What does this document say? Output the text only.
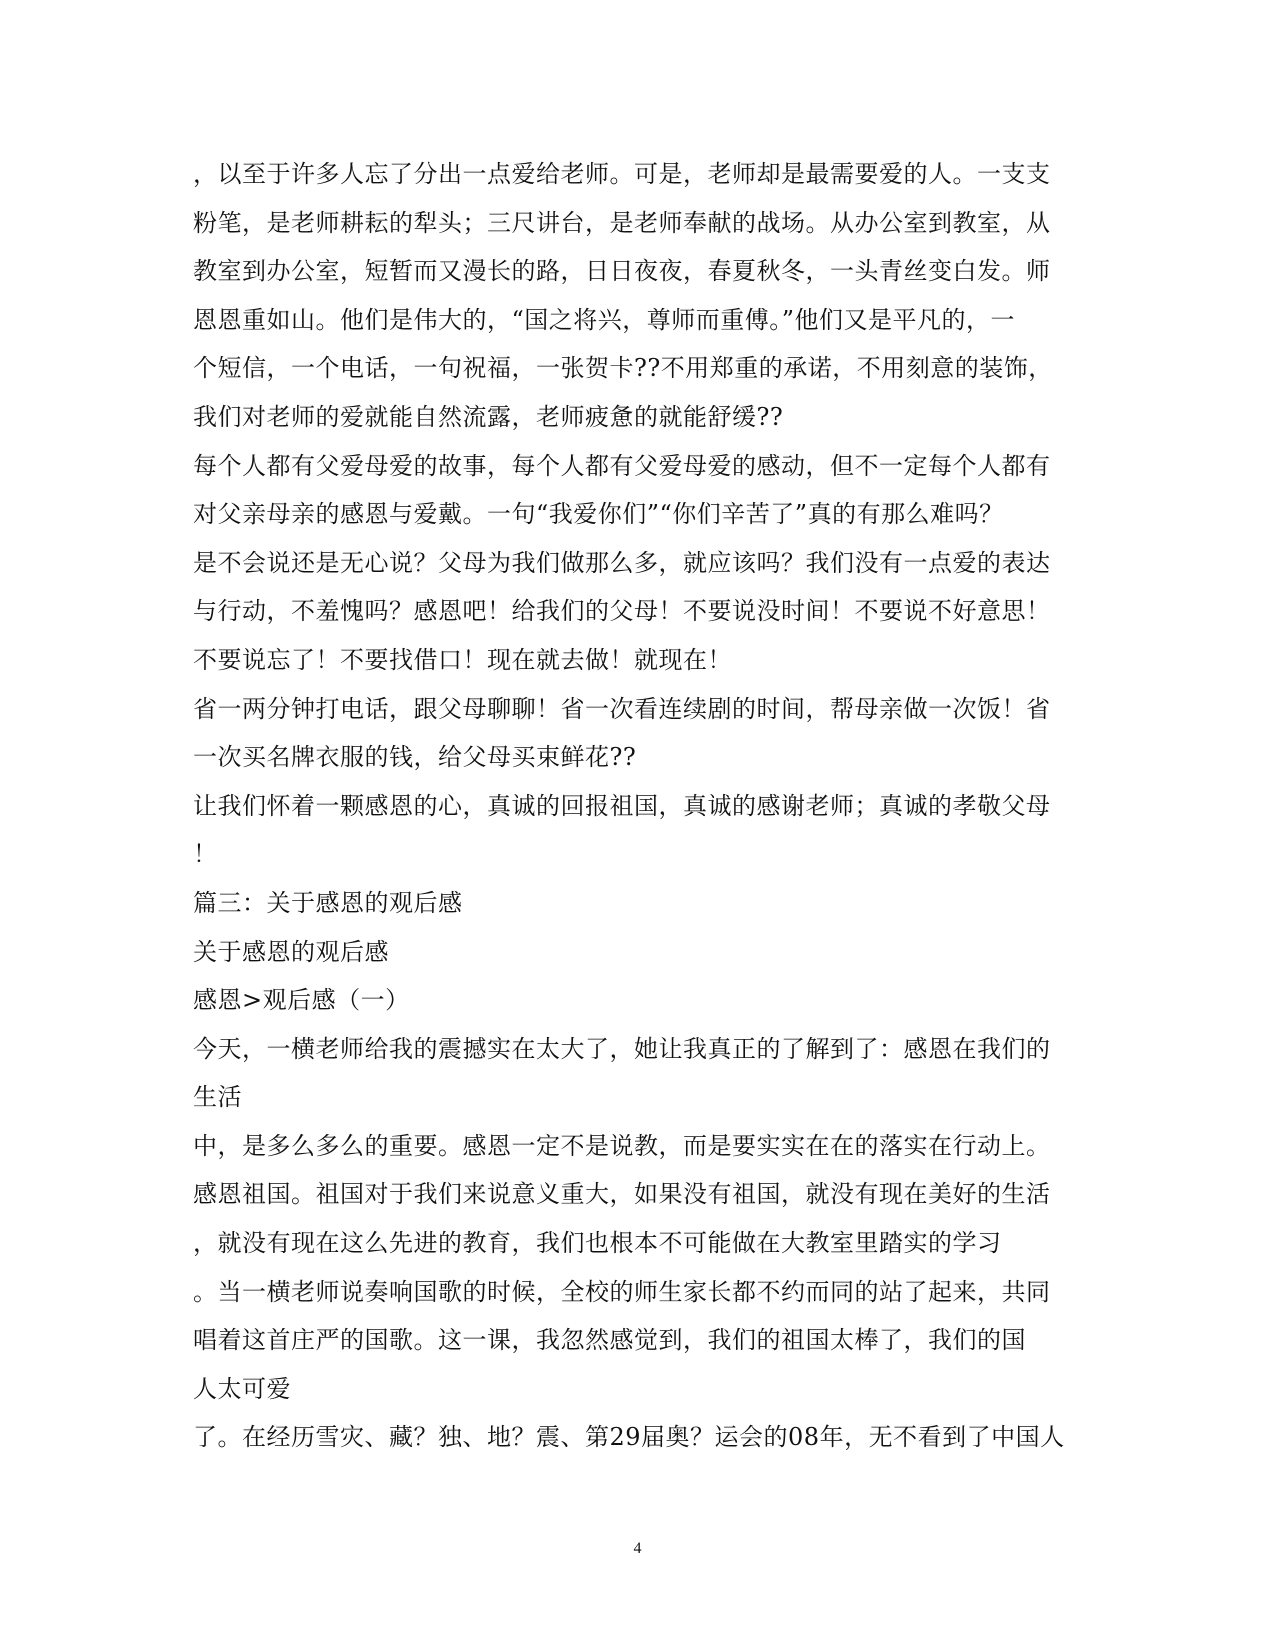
，以至于许多人忘了分出一点爱给老师。可是，老师却是最需要爱的人。一支支
粉笔，是老师耕耘的犁头；三尺讲台，是老师奉献的战场。从办公室到教室，从
教室到办公室，短暂而又漫长的路，日日夜夜，春夏秋冬，一头青丝变白发。师
恩恩重如山。他们是伟大的，“国之将兴，尊师而重傅。”他们又是平凡的，一
个短信，一个电话，一句祝福，一张贺卡??不用郑重的承诺，不用刻意的装饰，
我们对老师的爱就能自然流露，老师疲惫的就能舒缓??
每个人都有父爱母爱的故事，每个人都有父爱母爱的感动，但不一定每个人都有
对父亲母亲的感恩与爱戴。一句“我爱你们”“你们辛苦了”真的有那么难吗？
是不会说还是无心说？父母为我们做那么多，就应该吗？我们没有一点爱的表达
与行动，不羞愧吗？感恩吧！给我们的父母！不要说没时间！不要说不好意思！
不要说忘了！不要找借口！现在就去做！就现在！
省一两分钟打电话，跟父母聊聊！省一次看连续剧的时间，帮母亲做一次饭！省
一次买名牌衣服的钱，给父母买束鲜花??
让我们怀着一颗感恩的心，真诚的回报祖国，真诚的感谢老师；真诚的孝敬父母
！
篇三：关于感恩的观后感
关于感恩的观后感
感恩>观后感（一）
今天，一横老师给我的震撼实在太大了，她让我真正的了解到了：感恩在我们的
生活
中，是多么多么的重要。感恩一定不是说教，而是要实实在在的落实在行动上。
感恩祖国。祖国对于我们来说意义重大，如果没有祖国，就没有现在美好的生活
，就没有现在这么先进的教育，我们也根本不可能做在大教室里踏实的学习
。当一横老师说奏响国歌的时候，全校的师生家长都不约而同的站了起来，共同
唱着这首庄严的国歌。这一课，我忽然感觉到，我们的祖国太棒了，我们的国
人太可爱
了。在经历雪灾、藏？独、地？震、第29届奥？运会的08年，无不看到了中国人
4
